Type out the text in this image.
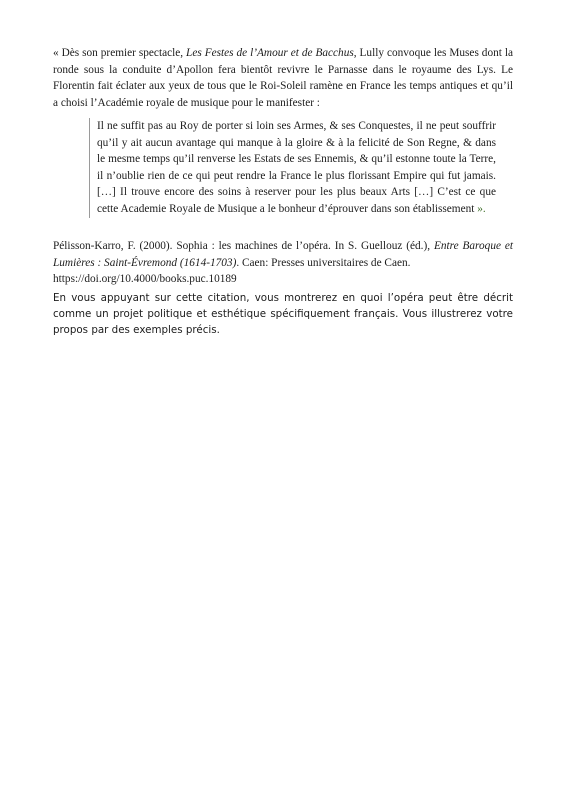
« Dès son premier spectacle, Les Festes de l’Amour et de Bacchus, Lully convoque les Muses dont la ronde sous la conduite d’Apollon fera bientôt revivre le Parnasse dans le royaume des Lys. Le Florentin fait éclater aux yeux de tous que le Roi-Soleil ramène en France les temps antiques et qu’il a choisi l’Académie royale de musique pour le manifester :

Il ne suffit pas au Roy de porter si loin ses Armes, & ses Conquestes, il ne peut souffrir qu’il y ait aucun avantage qui manque à la gloire & à la felicité de Son Regne, & dans le mesme temps qu’il renverse les Estats de ses Ennemis, & qu’il estonne toute la Terre, il n’oublie rien de ce qui peut rendre la France le plus florissant Empire qui fut jamais. […] Il trouve encore des soins à reserver pour les plus beaux Arts […] C’est ce que cette Academie Royale de Musique a le bonheur d’éprouver dans son établissement ».

Pélisson-Karro, F. (2000). Sophia : les machines de l’opéra. In S. Guellouz (éd.), Entre Baroque et Lumières : Saint-Évremond (1614-1703). Caen: Presses universitaires de Caen.
https://doi.org/10.4000/books.puc.10189

En vous appuyant sur cette citation, vous montrerez en quoi l’opéra peut être décrit comme un projet politique et esthétique spécifiquement français. Vous illustrerez votre propos par des exemples précis.
